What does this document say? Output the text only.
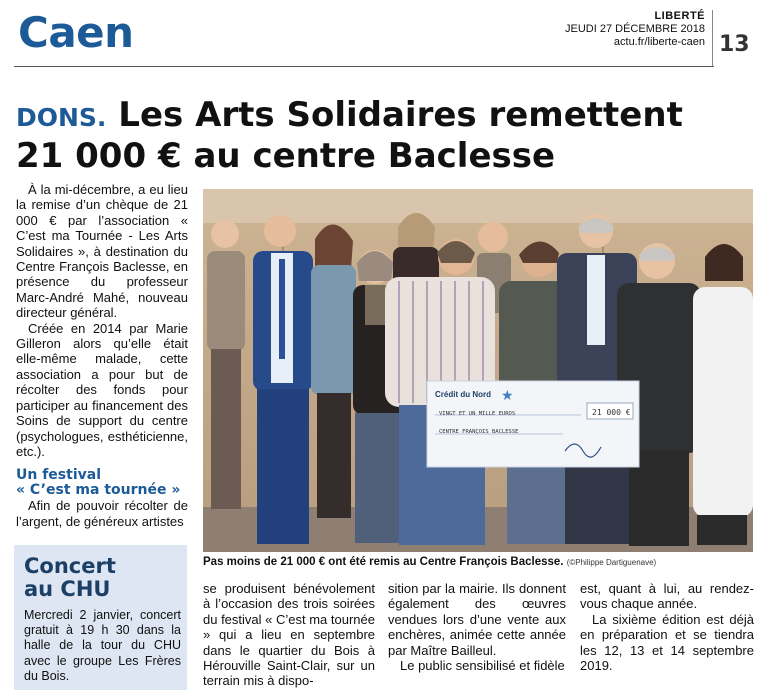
Caen	LIBERTÉ
JEUDI 27 DÉCEMBRE 2018
actu.fr/liberte-caen 13
DONS. Les Arts Solidaires remettent
21 000 € au centre Baclesse

À la mi-décembre, a eu lieu la remise d’un chèque de 21 000 € par l’association « C’est ma Tournée - Les Arts Solidaires », à destination du Centre François Baclesse, en présence du professeur Marc-André Mahé, nouveau directeur général.

Créée en 2014 par Marie Gilleron alors qu’elle était elle-même malade, cette association a pour but de récolter des fonds pour participer au financement des Soins de support du centre (psychologues, esthéticienne, etc.).

Un festival
« C’est ma tournée »

Afin de pouvoir récolter de l’argent, de généreux artistes

Crédit du Nord ★
VINGT ET UN MILLE EUROS	21 000 €
CENTRE FRANÇOIS BACLESSE
Pas moins de 21 000 € ont été remis au Centre François Baclesse. (©Philippe Dartiguenave)
Concert
au CHU
Mercredi 2 janvier, concert gratuit à 19 h 30 dans la halle de la tour du CHU avec le groupe Les Frères du Bois.

se produisent bénévolement à l’occasion des trois soirées du festival « C’est ma tournée » qui a lieu en septembre dans le quartier du Bois à Hérouville Saint-Clair, sur un terrain mis à dispo-

sition par la mairie. Ils donnent également des œuvres vendues lors d’une vente aux enchères, animée cette année par Maître Bailleul.

Le public sensibilisé et fidèle

est, quant à lui, au rendez-vous chaque année.

La sixième édition est déjà en préparation et se tiendra les 12, 13 et 14 septembre 2019.
